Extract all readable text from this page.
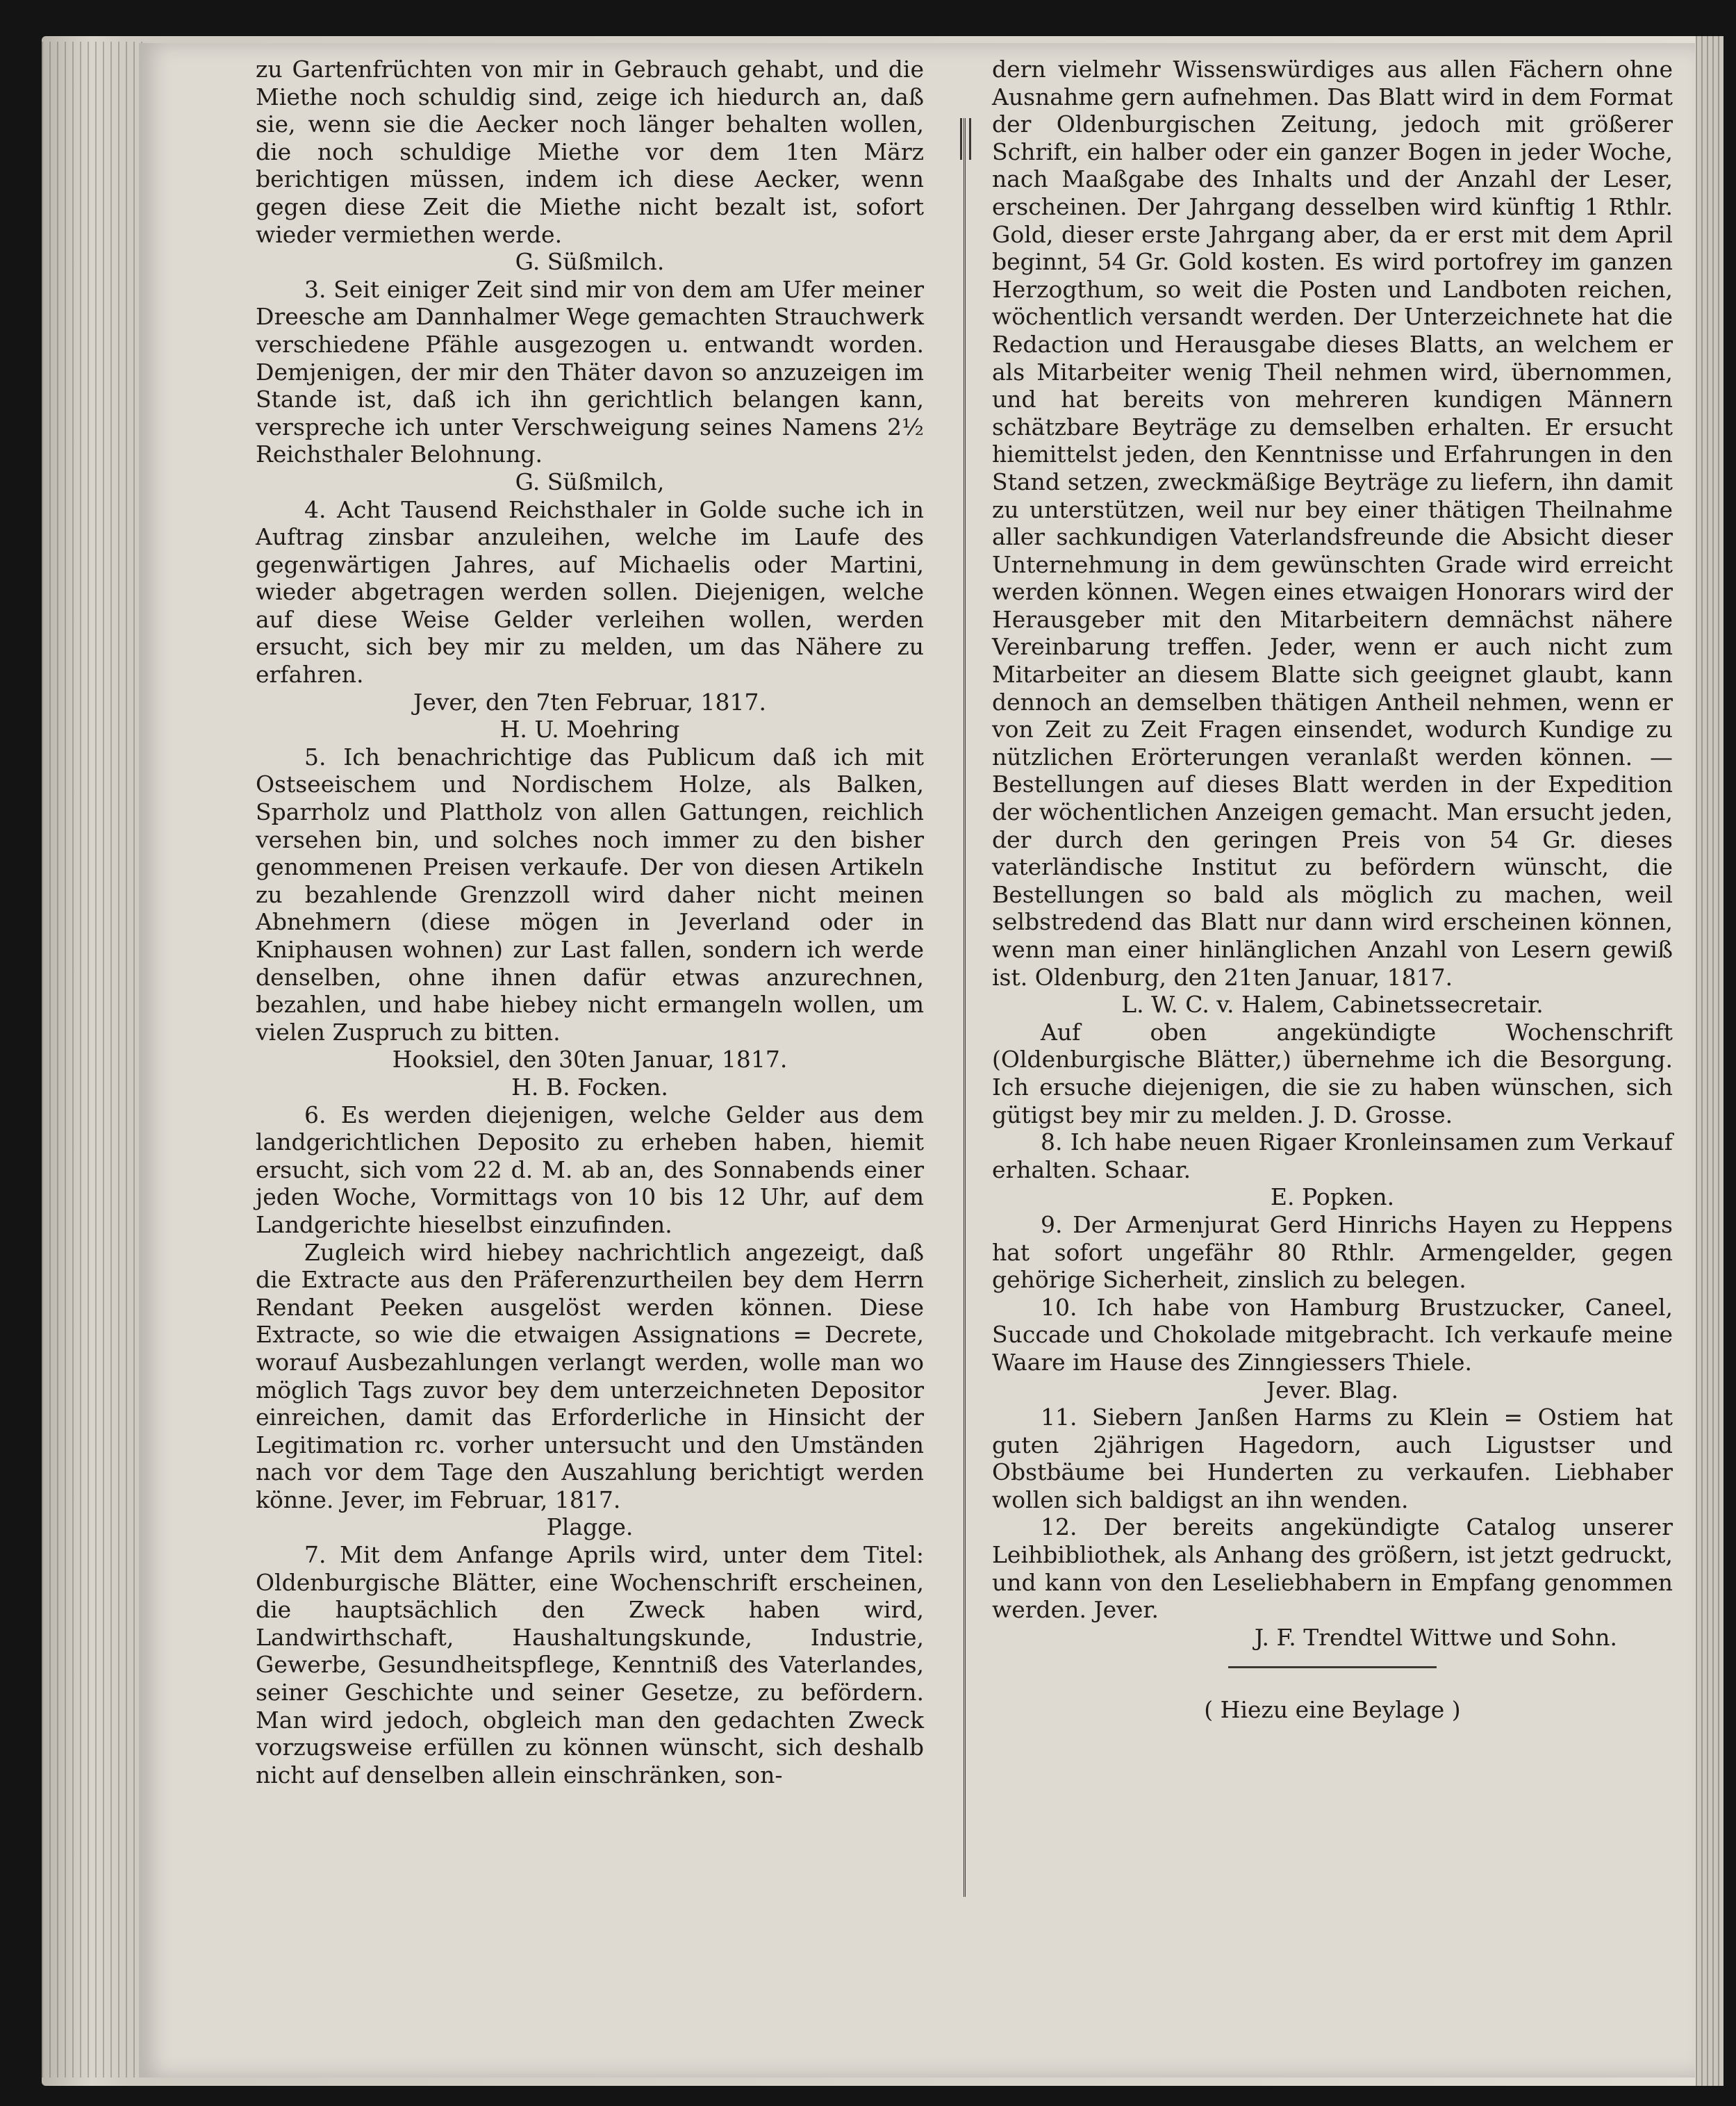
zu Gartenfrüchten von mir in Gebrauch gehabt, und die Miethe noch schuldig sind, zeige ich hiedurch an, daß sie, wenn sie die Aecker noch länger behalten wollen, die noch schuldige Miethe vor dem 1ten März berichtigen müssen, indem ich diese Aecker, wenn gegen diese Zeit die Miethe nicht bezalt ist, sofort wieder vermiethen werde.

G. Süßmilch.

3. Seit einiger Zeit sind mir von dem am Ufer meiner Dreesche am Dannhalmer Wege gemachten Strauchwerk verschiedene Pfähle ausgezogen u. entwandt worden. Demjenigen, der mir den Thäter davon so anzuzeigen im Stande ist, daß ich ihn gerichtlich belangen kann, verspreche ich unter Verschweigung seines Namens 2½ Reichsthaler Belohnung.

G. Süßmilch,

4. Acht Tausend Reichsthaler in Golde suche ich in Auftrag zinsbar anzuleihen, welche im Laufe des gegenwärtigen Jahres, auf Michaelis oder Martini, wieder abgetragen werden sollen. Diejenigen, welche auf diese Weise Gelder verleihen wollen, werden ersucht, sich bey mir zu melden, um das Nähere zu erfahren.

Jever, den 7ten Februar, 1817.

H. U. Moehring

5. Ich benachrichtige das Publicum daß ich mit Ostseeischem und Nordischem Holze, als Balken, Sparrholz und Plattholz von allen Gattungen, reichlich versehen bin, und solches noch immer zu den bisher genommenen Preisen verkaufe. Der von diesen Artikeln zu bezahlende Grenzzoll wird daher nicht meinen Abnehmern (diese mögen in Jeverland oder in Kniphausen wohnen) zur Last fallen, sondern ich werde denselben, ohne ihnen dafür etwas anzurechnen, bezahlen, und habe hiebey nicht ermangeln wollen, um vielen Zuspruch zu bitten.

Hooksiel, den 30ten Januar, 1817.

H. B. Focken.

6. Es werden diejenigen, welche Gelder aus dem landgerichtlichen Deposito zu erheben haben, hiemit ersucht, sich vom 22 d. M. ab an, des Sonnabends einer jeden Woche, Vormittags von 10 bis 12 Uhr, auf dem Landgerichte hieselbst einzufinden.

Zugleich wird hiebey nachrichtlich angezeigt, daß die Extracte aus den Präferenzurtheilen bey dem Herrn Rendant Peeken ausgelöst werden können. Diese Extracte, so wie die etwaigen Assignations = Decrete, worauf Ausbezahlungen verlangt werden, wolle man wo möglich Tags zuvor bey dem unterzeichneten Depositor einreichen, damit das Erforderliche in Hinsicht der Legitimation rc. vorher untersucht und den Umständen nach vor dem Tage den Auszahlung berichtigt werden könne. Jever, im Februar, 1817.

Plagge.

7. Mit dem Anfange Aprils wird, unter dem Titel: Oldenburgische Blätter, eine Wochenschrift erscheinen, die hauptsächlich den Zweck haben wird, Landwirthschaft, Haushaltungskunde, Industrie, Gewerbe, Gesundheitspflege, Kenntniß des Vaterlandes, seiner Geschichte und seiner Gesetze, zu befördern. Man wird jedoch, obgleich man den gedachten Zweck vorzugsweise erfüllen zu können wünscht, sich deshalb nicht auf denselben allein einschränken, son-

dern vielmehr Wissenswürdiges aus allen Fächern ohne Ausnahme gern aufnehmen. Das Blatt wird in dem Format der Oldenburgischen Zeitung, jedoch mit größerer Schrift, ein halber oder ein ganzer Bogen in jeder Woche, nach Maaßgabe des Inhalts und der Anzahl der Leser, erscheinen. Der Jahrgang desselben wird künftig 1 Rthlr. Gold, dieser erste Jahrgang aber, da er erst mit dem April beginnt, 54 Gr. Gold kosten. Es wird portofrey im ganzen Herzogthum, so weit die Posten und Landboten reichen, wöchentlich versandt werden. Der Unterzeichnete hat die Redaction und Herausgabe dieses Blatts, an welchem er als Mitarbeiter wenig Theil nehmen wird, übernommen, und hat bereits von mehreren kundigen Männern schätzbare Beyträge zu demselben erhalten. Er ersucht hiemittelst jeden, den Kenntnisse und Erfahrungen in den Stand setzen, zweckmäßige Beyträge zu liefern, ihn damit zu unterstützen, weil nur bey einer thätigen Theilnahme aller sachkundigen Vaterlandsfreunde die Absicht dieser Unternehmung in dem gewünschten Grade wird erreicht werden können. Wegen eines etwaigen Honorars wird der Herausgeber mit den Mitarbeitern demnächst nähere Vereinbarung treffen. Jeder, wenn er auch nicht zum Mitarbeiter an diesem Blatte sich geeignet glaubt, kann dennoch an demselben thätigen Antheil nehmen, wenn er von Zeit zu Zeit Fragen einsendet, wodurch Kundige zu nützlichen Erörterungen veranlaßt werden können. — Bestellungen auf dieses Blatt werden in der Expedition der wöchentlichen Anzeigen gemacht. Man ersucht jeden, der durch den geringen Preis von 54 Gr. dieses vaterländische Institut zu befördern wünscht, die Bestellungen so bald als möglich zu machen, weil selbstredend das Blatt nur dann wird erscheinen können, wenn man einer hinlänglichen Anzahl von Lesern gewiß ist. Oldenburg, den 21ten Januar, 1817.

L. W. C. v. Halem, Cabinetssecretair.

Auf oben angekündigte Wochenschrift (Oldenburgische Blätter,) übernehme ich die Besorgung. Ich ersuche diejenigen, die sie zu haben wünschen, sich gütigst bey mir zu melden. J. D. Grosse.

8. Ich habe neuen Rigaer Kronleinsamen zum Verkauf erhalten. Schaar.

E. Popken.

9. Der Armenjurat Gerd Hinrichs Hayen zu Heppens hat sofort ungefähr 80 Rthlr. Armengelder, gegen gehörige Sicherheit, zinslich zu belegen.

10. Ich habe von Hamburg Brustzucker, Caneel, Succade und Chokolade mitgebracht. Ich verkaufe meine Waare im Hause des Zinngiessers Thiele.

Jever. Blag.

11. Siebern Janßen Harms zu Klein = Ostiem hat guten 2jährigen Hagedorn, auch Ligustser und Obstbäume bei Hunderten zu verkaufen. Liebhaber wollen sich baldigst an ihn wenden.

12. Der bereits angekündigte Catalog unserer Leihbibliothek, als Anhang des größern, ist jetzt gedruckt, und kann von den Leseliebhabern in Empfang genommen werden. Jever.

J. F. Trendtel Wittwe und Sohn.

( Hiezu eine Beylage )
